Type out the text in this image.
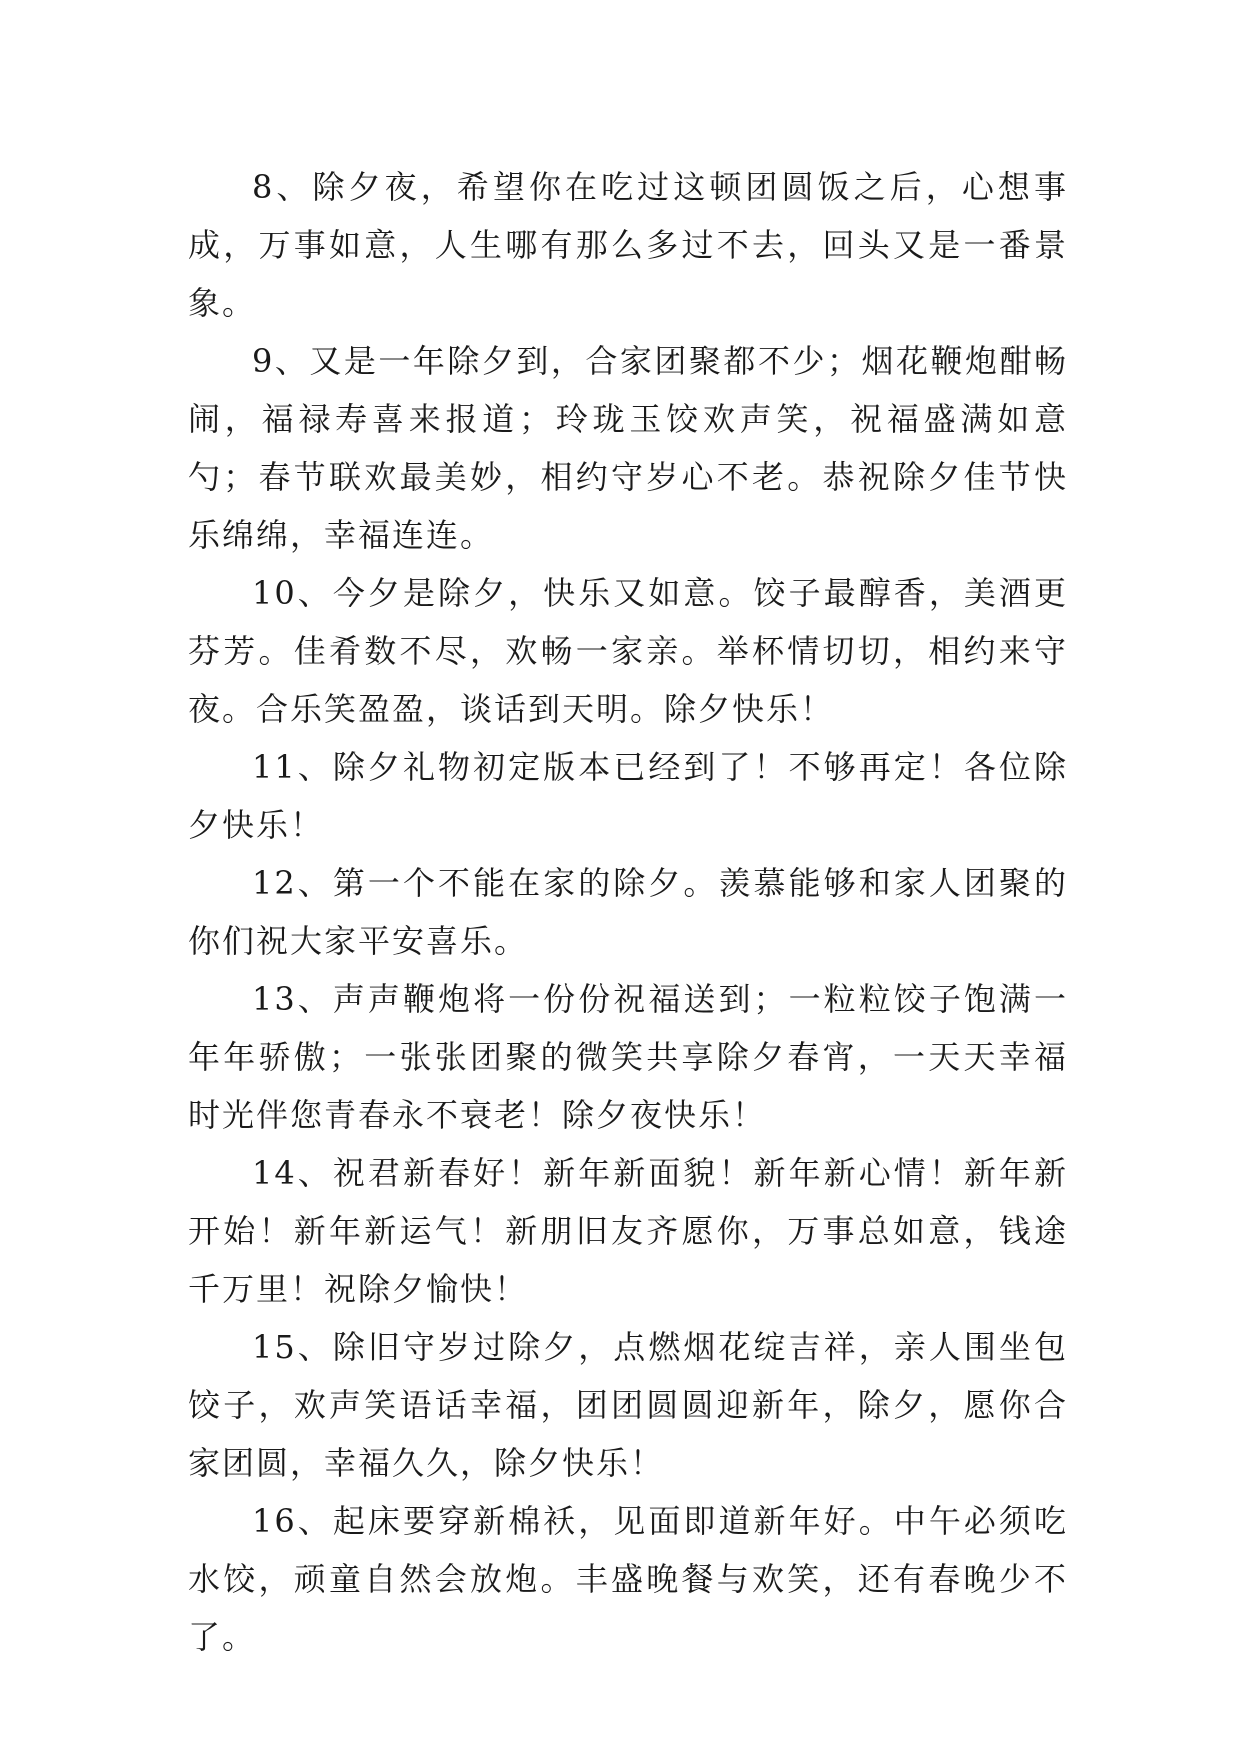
8、除夕夜，希望你在吃过这顿团圆饭之后，心想事成，万事如意，人生哪有那么多过不去，回头又是一番景象。

9、又是一年除夕到，合家团聚都不少；烟花鞭炮酣畅闹，福禄寿喜来报道；玲珑玉饺欢声笑，祝福盛满如意勺；春节联欢最美妙，相约守岁心不老。恭祝除夕佳节快乐绵绵，幸福连连。

10、今夕是除夕，快乐又如意。饺子最醇香，美酒更芬芳。佳肴数不尽，欢畅一家亲。举杯情切切，相约来守夜。合乐笑盈盈，谈话到天明。除夕快乐！

11、除夕礼物初定版本已经到了！不够再定！各位除夕快乐！

12、第一个不能在家的除夕。羡慕能够和家人团聚的你们祝大家平安喜乐。

13、声声鞭炮将一份份祝福送到；一粒粒饺子饱满一年年骄傲；一张张团聚的微笑共享除夕春宵，一天天幸福时光伴您青春永不衰老！除夕夜快乐！

14、祝君新春好！新年新面貌！新年新心情！新年新开始！新年新运气！新朋旧友齐愿你，万事总如意，钱途千万里！祝除夕愉快！

15、除旧守岁过除夕，点燃烟花绽吉祥，亲人围坐包饺子，欢声笑语话幸福，团团圆圆迎新年，除夕，愿你合家团圆，幸福久久，除夕快乐！

16、起床要穿新棉袄，见面即道新年好。中午必须吃水饺，顽童自然会放炮。丰盛晚餐与欢笑，还有春晚少不了。
